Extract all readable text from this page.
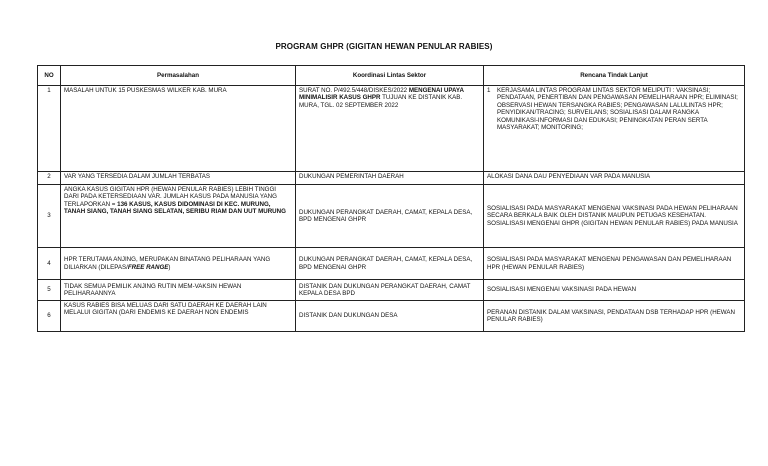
PROGRAM GHPR (GIGITAN HEWAN PENULAR RABIES)
NO	Permasalahan	Koordinasi Lintas Sektor	Rencana Tindak Lanjut
1	MASALAH UNTUK 15 PUSKESMAS WILKER KAB. MURA	SURAT NO. P/492.5/448/DISKES/2022 MENGENAI UPAYA MINIMALISIR KASUS GHPR TUJUAN KE DISTANIK KAB. MURA, TGL. 02 SEPTEMBER 2022	1 KERJASAMA LINTAS PROGRAM LINTAS SEKTOR MELIPUTI : VAKSINASI; PENDATAAN, PENERTIBAN DAN PENGAWASAN PEMELIHARAAN HPR; ELIMINASI; OBSERVASI HEWAN TERSANGKA RABIES; PENGAWASAN LALULINTAS HPR; PENYIDIKAN/TRACING; SURVEILANS; SOSIALISASI DALAM RANGKA KOMUNIKASI-INFORMASI DAN EDUKASI; PENINGKATAN PERAN SERTA MASYARAKAT; MONITORING;

2	VAR YANG TERSEDIA DALAM JUMLAH TERBATAS	DUKUNGAN PEMERINTAH DAERAH	ALOKASI DANA DAU PENYEDIAAN VAR PADA MANUSIA
3	ANGKA KASUS GIGITAN HPR (HEWAN PENULAR RABIES) LEBIH TINGGI DARI PADA KETERSEDIAAN VAR. JUMLAH KASUS PADA MANUSIA YANG TERLAPORKAN = 136 KASUS, KASUS DIDOMINASI DI KEC. MURUNG, TANAH SIANG, TANAH SIANG SELATAN, SERIBU RIAM DAN UUT MURUNG	DUKUNGAN PERANGKAT DAERAH, CAMAT, KEPALA DESA, BPD MENGENAI GHPR	SOSIALISASI PADA MASYARAKAT MENGENAI VAKSINASI PADA HEWAN PELIHARAAN SECARA BERKALA BAIK OLEH DISTANIK MAUPUN PETUGAS KESEHATAN. SOSIALISASI MENGENAI GHPR (GIGITAN HEWAN PENULAR RABIES) PADA MANUSIA
4	HPR TERUTAMA ANJING, MERUPAKAN BINATANG PELIHARAAN YANG DILIARKAN (DILEPAS/FREE RANGE)	DUKUNGAN PERANGKAT DAERAH, CAMAT, KEPALA DESA, BPD MENGENAI GHPR	SOSIALISASI PADA MASYARAKAT MENGENAI PENGAWASAN DAN PEMELIHARAAN HPR (HEWAN PENULAR RABIES)
5	TIDAK SEMUA PEMILIK ANJING RUTIN MEM-VAKSIN HEWAN PELIHARAANNYA	DISTANIK DAN DUKUNGAN PERANGKAT DAERAH, CAMAT KEPALA DESA BPD	SOSIALISASI MENGENAI VAKSINASI PADA HEWAN
6	KASUS RABIES BISA MELUAS DARI SATU DAERAH KE DAERAH LAIN MELALUI GIGITAN (DARI ENDEMIS KE DAERAH NON ENDEMIS	DISTANIK DAN DUKUNGAN DESA	PERANAN DISTANIK DALAM VAKSINASI, PENDATAAN DSB TERHADAP HPR (HEWAN PENULAR RABIES)
